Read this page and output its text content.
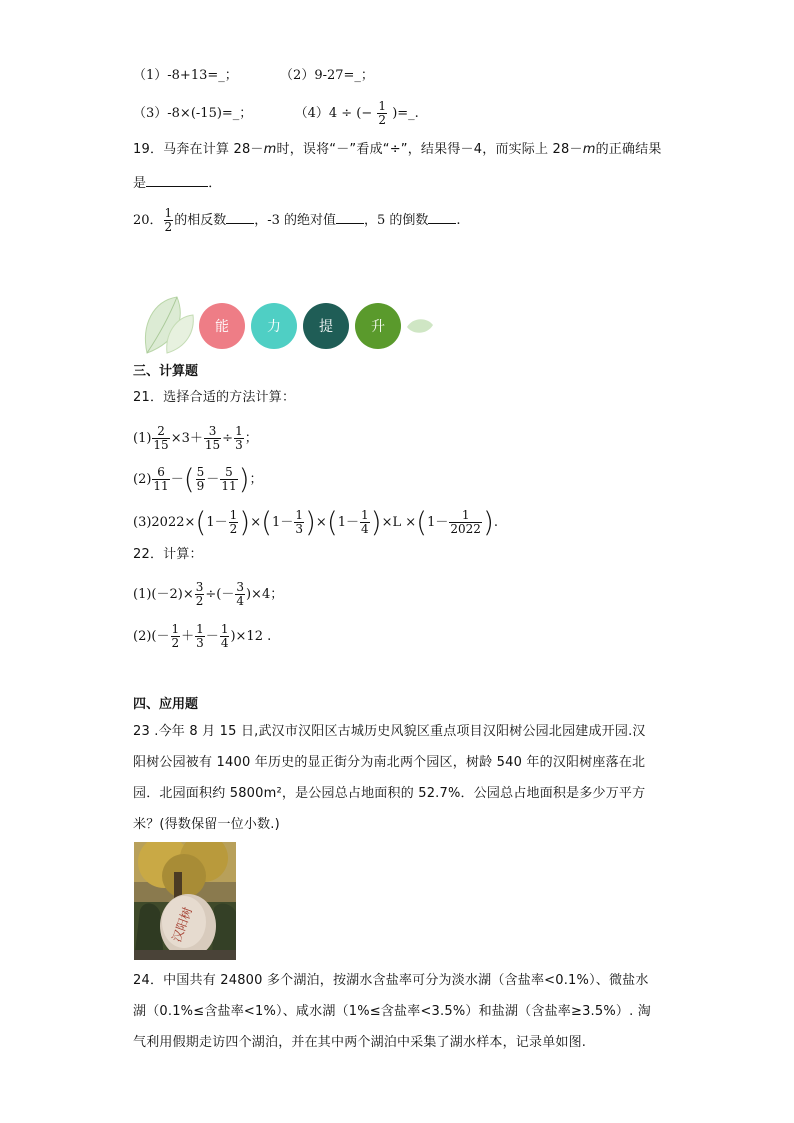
（1）-8+13=_；	（2）9-27=_；
（3）-8×(-15)=_；	（4）4 ÷ (− $\frac{1}{2}$ )=_.
19．马奔在计算 28－m时，误将“－”看成“÷”，结果得－4，而实际上 28－m的正确结果
是	．
20． $\frac{1}{2}$ 的相反数 ，-3 的绝对值 ，5 的倒数 .
能	力	提	升
三、计算题
21．选择合适的方法计算：
$(1) \frac{2}{15} \times 3+ \frac{3}{15} \div \frac{1}{3}$ ；
$(2) \frac{6}{11}$ －( $\frac{5}{9} - \frac{5}{11}$ )；
$(3)2022\times(1- \frac{1}{2} )\times(1- \frac{1}{3} )\times(1- \frac{1}{4} )\times L \times(1- \frac{1}{2022}$ ).
22．计算：
$(1)(-2)\times \frac{3}{2}$ ÷(－ $\frac{3}{4} )\times 4$；
$(2)(- \frac{1}{2} + \frac{1}{3} - \frac{1}{4} )\times 12$ .
四、应用题
23 .今年 8 月 15 日,武汉市汉阳区古城历史风貌区重点项目汉阳树公园北园建成开园.汉
阳树公园被有 1400 年历史的显正街分为南北两个园区，树龄 540 年的汉阳树座落在北
园．北园面积约 5800m²，是公园总占地面积的 52.7%．公园总占地面积是多少万平方
米？(得数保留一位小数.)
汉阳树
24．中国共有 24800 多个湖泊，按湖水含盐率可分为淡水湖（含盐率<0.1%）、微盐水
湖（0.1%≤含盐率<1%）、咸水湖（1%≤含盐率<3.5%）和盐湖（含盐率≥3.5%）. 淘
气利用假期走访四个湖泊，并在其中两个湖泊中采集了湖水样本，记录单如图.
